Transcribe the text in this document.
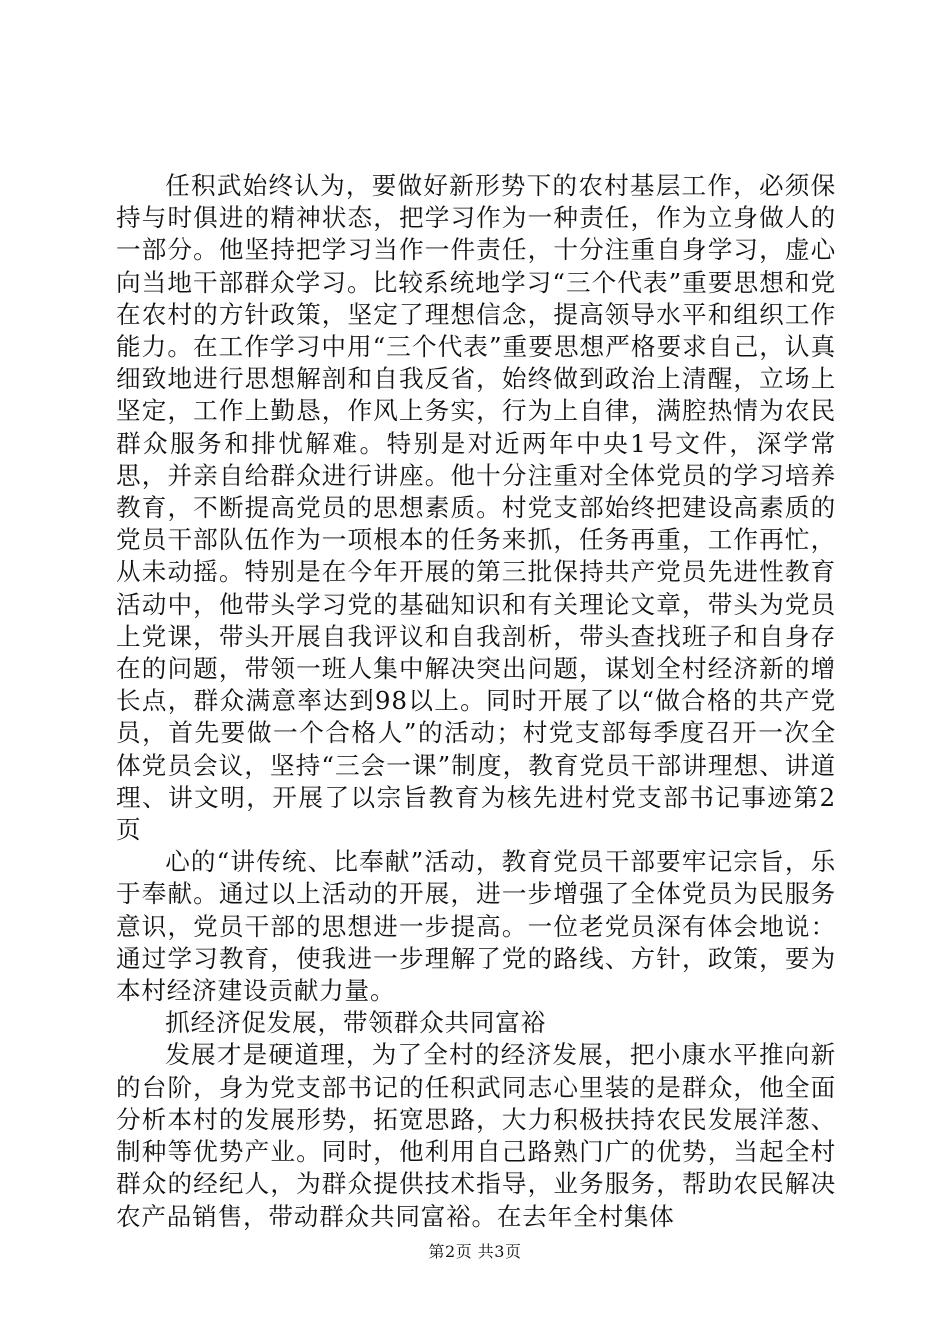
任积武始终认为，要做好新形势下的农村基层工作，必须保持与时俱进的精神状态，把学习作为一种责任，作为立身做人的一部分。他坚持把学习当作一件责任，十分注重自身学习，虚心向当地干部群众学习。比较系统地学习“三个代表”重要思想和党在农村的方针政策，坚定了理想信念，提高领导水平和组织工作能力。在工作学习中用“三个代表”重要思想严格要求自己，认真细致地进行思想解剖和自我反省，始终做到政治上清醒，立场上坚定，工作上勤恳，作风上务实，行为上自律，满腔热情为农民群众服务和排忧解难。特别是对近两年中央1号文件，深学常思，并亲自给群众进行讲座。他十分注重对全体党员的学习培养教育，不断提高党员的思想素质。村党支部始终把建设高素质的党员干部队伍作为一项根本的任务来抓，任务再重，工作再忙，从未动摇。特别是在今年开展的第三批保持共产党员先进性教育活动中，他带头学习党的基础知识和有关理论文章，带头为党员上党课，带头开展自我评议和自我剖析，带头查找班子和自身存在的问题，带领一班人集中解决突出问题，谋划全村经济新的增长点，群众满意率达到98以上。同时开展了以“做合格的共产党员，首先要做一个合格人”的活动；村党支部每季度召开一次全体党员会议，坚持“三会一课”制度，教育党员干部讲理想、讲道理、讲文明，开展了以宗旨教育为核先进村党支部书记事迹第2页

心的“讲传统、比奉献”活动，教育党员干部要牢记宗旨，乐于奉献。通过以上活动的开展，进一步增强了全体党员为民服务意识，党员干部的思想进一步提高。一位老党员深有体会地说：通过学习教育，使我进一步理解了党的路线、方针，政策，要为本村经济建设贡献力量。

抓经济促发展，带领群众共同富裕

发展才是硬道理，为了全村的经济发展，把小康水平推向新的台阶，身为党支部书记的任积武同志心里装的是群众，他全面分析本村的发展形势，拓宽思路，大力积极扶持农民发展洋葱、制种等优势产业。同时，他利用自己路熟门广的优势，当起全村群众的经纪人，为群众提供技术指导，业务服务，帮助农民解决农产品销售，带动群众共同富裕。在去年全村集体

第2页 共3页
